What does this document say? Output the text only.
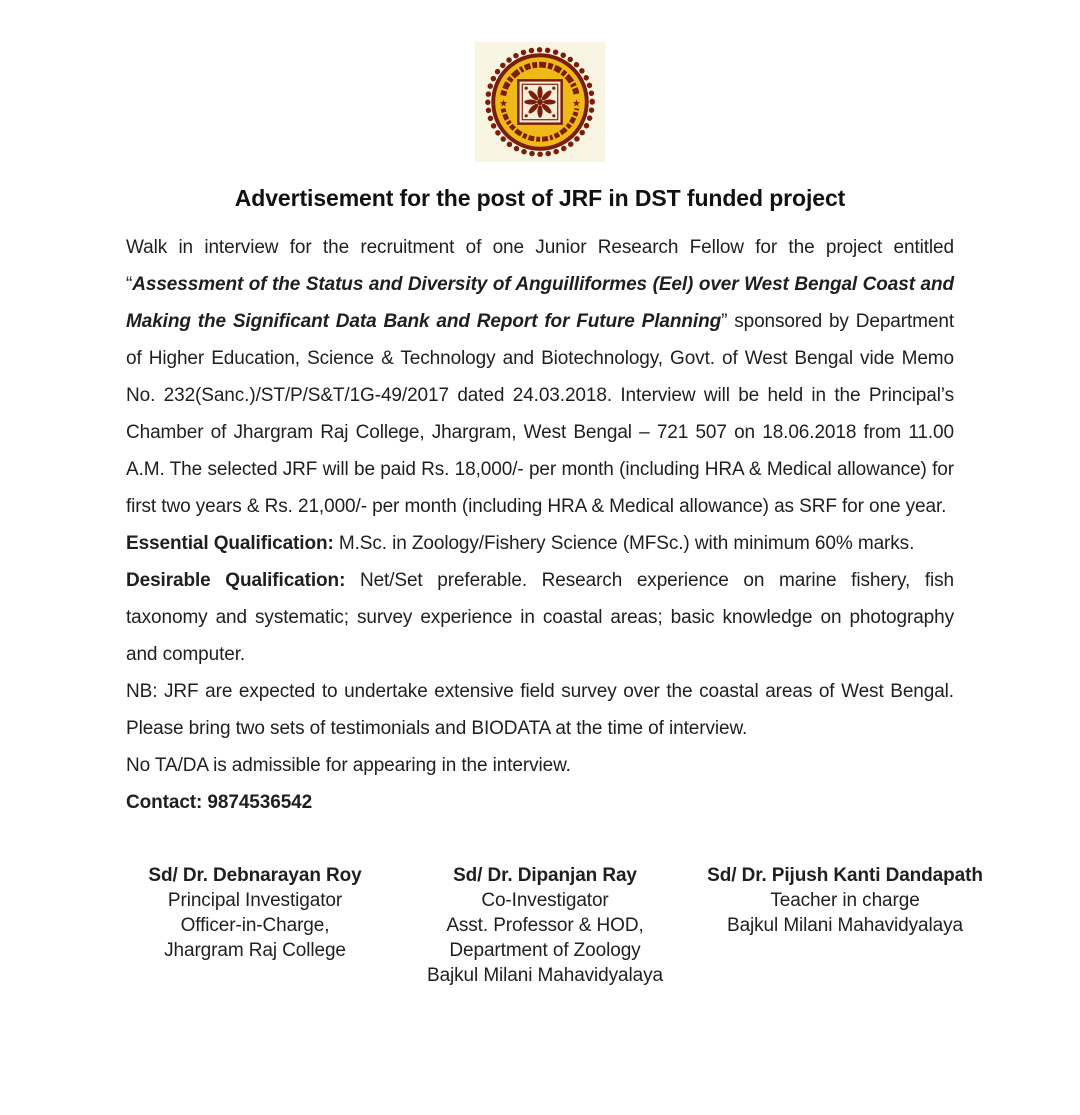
★	★
Advertisement for the post of JRF in DST funded project

Walk in interview for the recruitment of one Junior Research Fellow for the project entitled “Assessment of the Status and Diversity of Anguilliformes (Eel) over West Bengal Coast and Making the Significant Data Bank and Report for Future Planning” sponsored by Department of Higher Education, Science & Technology and Biotechnology, Govt. of West Bengal vide Memo No. 232(Sanc.)/ST/P/S&T/1G-49/2017 dated 24.03.2018. Interview will be held in the Principal’s Chamber of Jhargram Raj College, Jhargram, West Bengal – 721 507 on 18.06.2018 from 11.00 A.M. The selected JRF will be paid Rs. 18,000/- per month (including HRA & Medical allowance) for first two years & Rs. 21,000/- per month (including HRA & Medical allowance) as SRF for one year.

Essential Qualification: M.Sc. in Zoology/Fishery Science (MFSc.) with minimum 60% marks.

Desirable Qualification: Net/Set preferable. Research experience on marine fishery, fish taxonomy and systematic; survey experience in coastal areas; basic knowledge on photography and computer.

NB: JRF are expected to undertake extensive field survey over the coastal areas of West Bengal. Please bring two sets of testimonials and BIODATA at the time of interview.

No TA/DA is admissible for appearing in the interview.

Contact: 9874536542

Sd/ Dr. Debnarayan Roy
Principal Investigator
Officer-in-Charge,
Jhargram Raj College
Sd/ Dr. Dipanjan Ray
Co-Investigator
Asst. Professor & HOD,
Department of Zoology
Bajkul Milani Mahavidyalaya
Sd/ Dr. Pijush Kanti Dandapath
Teacher in charge
Bajkul Milani Mahavidyalaya
